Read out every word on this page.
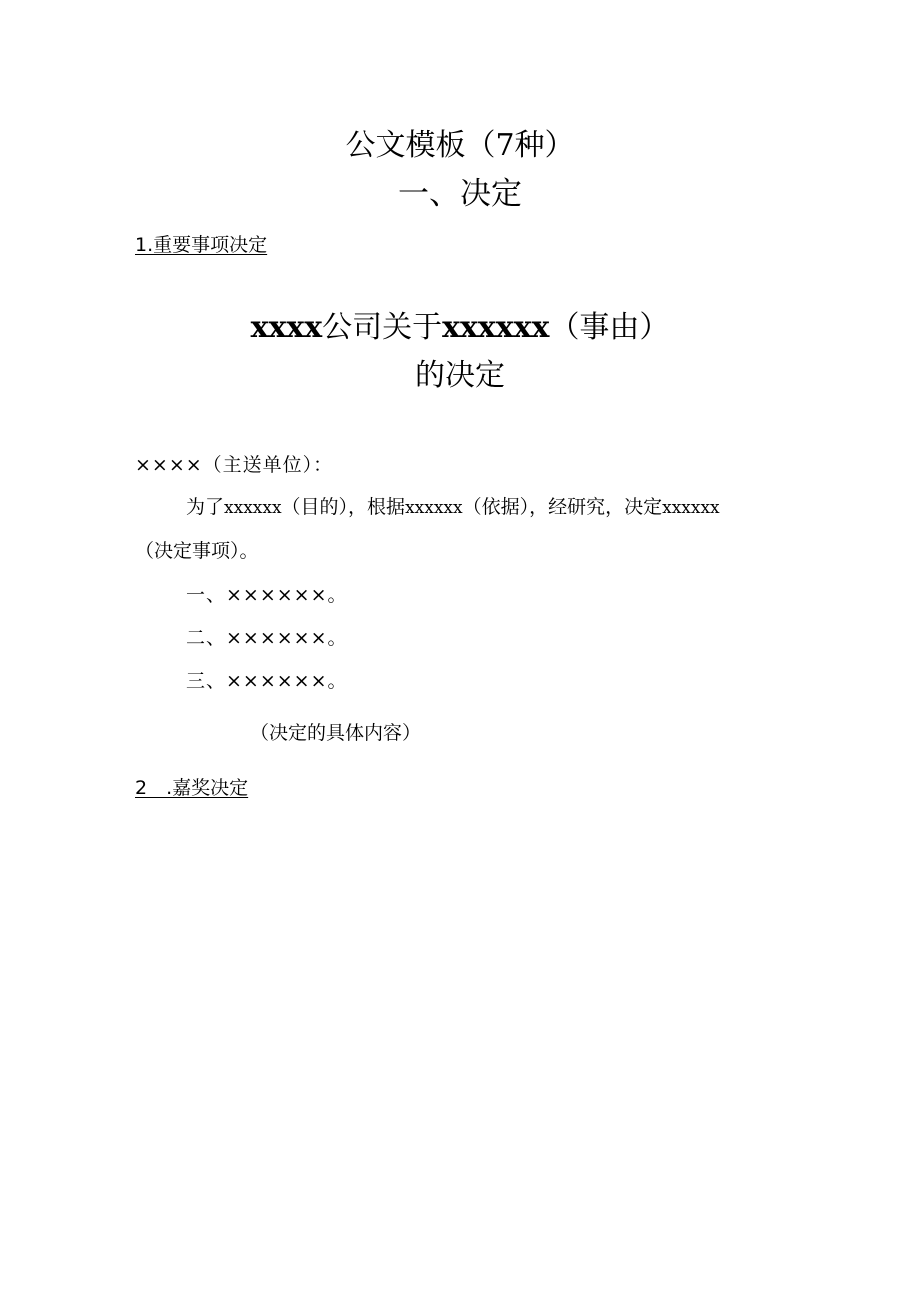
公文模板（7种）
一、决定
1.重要事项决定
xxxx公司关于xxxxxx（事由）
的决定
××××（主送单位）：
为了xxxxxx（目的），根据xxxxxx（依据），经研究，决定xxxxxx
（决定事项）。
一、××××××。
二、××××××。
三、××××××。
（决定的具体内容）
2　.嘉奖决定
